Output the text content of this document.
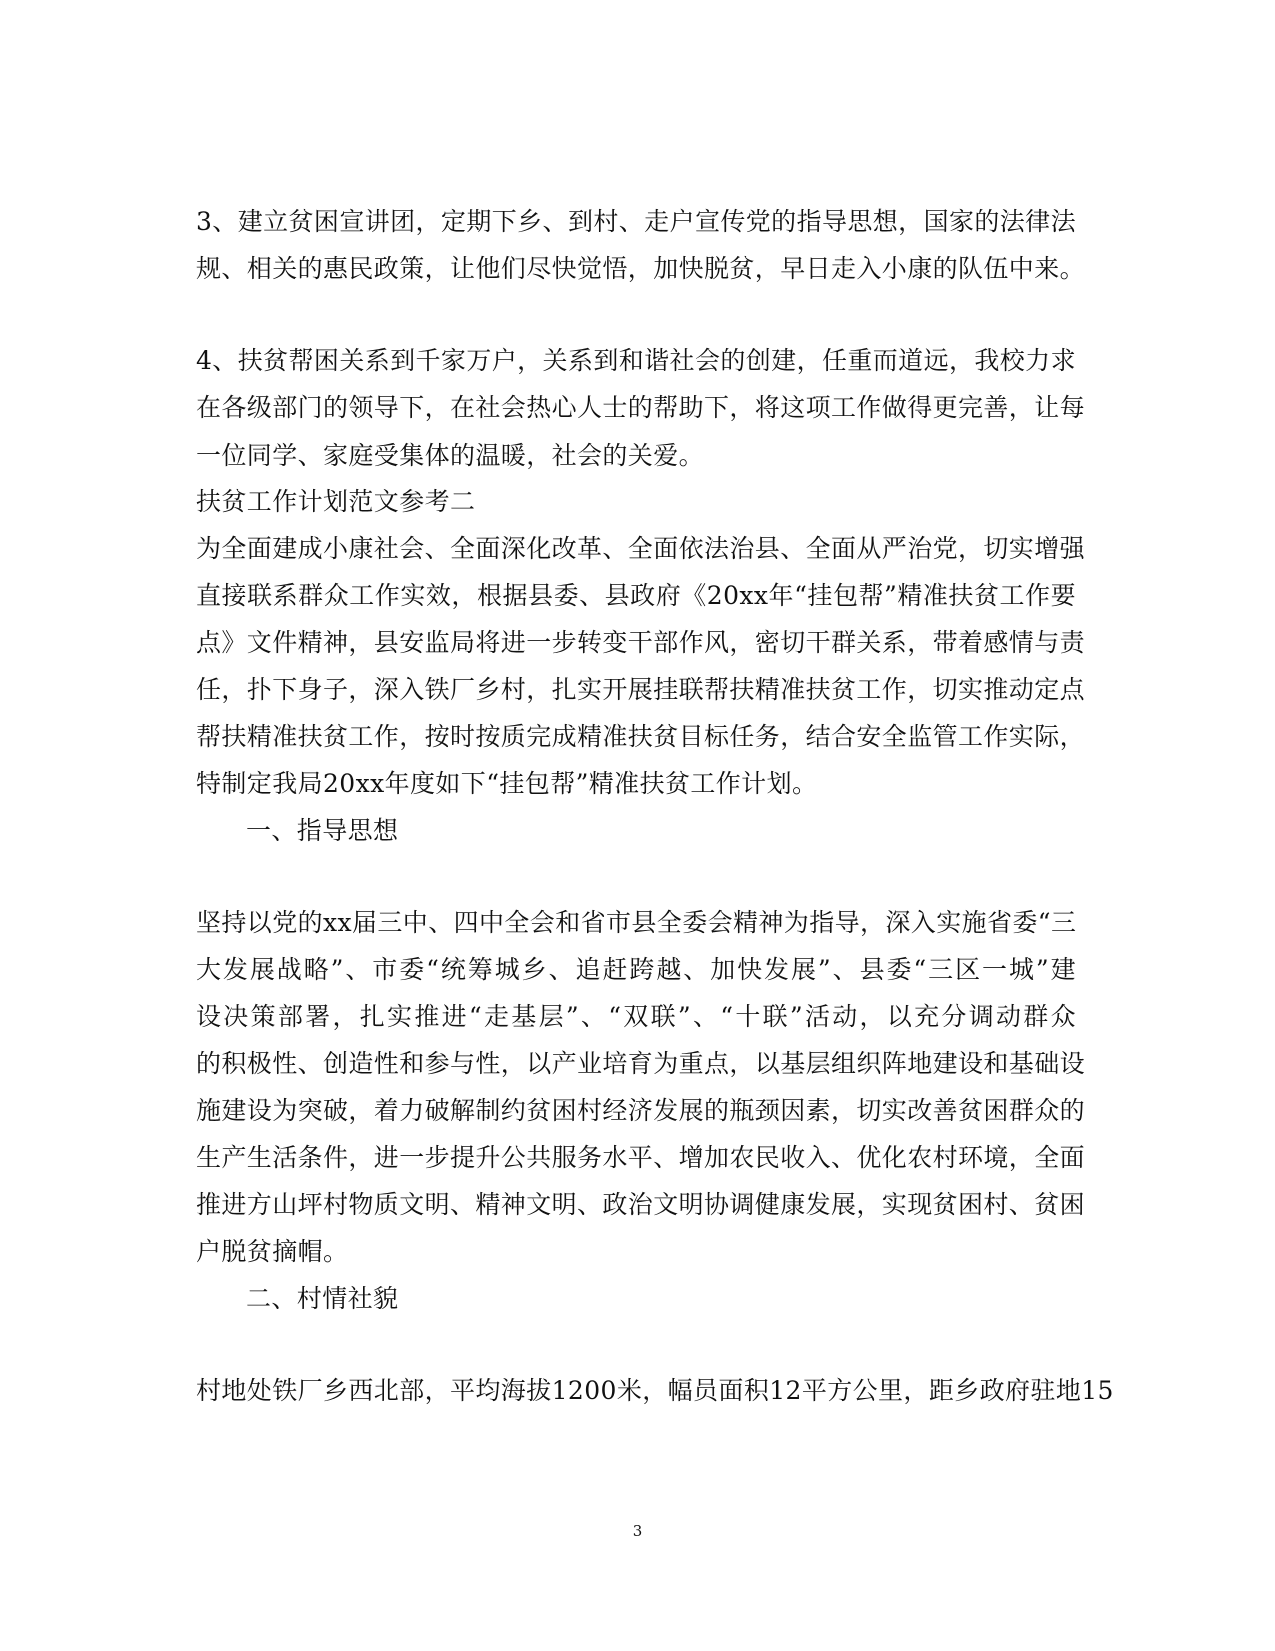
3、建立贫困宣讲团，定期下乡、到村、走户宣传党的指导思想，国家的法律法
规、相关的惠民政策，让他们尽快觉悟，加快脱贫，早日走入小康的队伍中来。
4、扶贫帮困关系到千家万户，关系到和谐社会的创建，任重而道远，我校力求
在各级部门的领导下，在社会热心人士的帮助下，将这项工作做得更完善，让每
一位同学、家庭受集体的温暖，社会的关爱。
扶贫工作计划范文参考二
为全面建成小康社会、全面深化改革、全面依法治县、全面从严治党，切实增强
直接联系群众工作实效，根据县委、县政府《20xx年“挂包帮”精准扶贫工作要
点》文件精神，县安监局将进一步转变干部作风，密切干群关系，带着感情与责
任，扑下身子，深入铁厂乡村，扎实开展挂联帮扶精准扶贫工作，切实推动定点
帮扶精准扶贫工作，按时按质完成精准扶贫目标任务，结合安全监管工作实际，
特制定我局20xx年度如下“挂包帮”精准扶贫工作计划。
一、指导思想
坚持以党的xx届三中、四中全会和省市县全委会精神为指导，深入实施省委“三
大发展战略”、市委“统筹城乡、追赶跨越、加快发展”、县委“三区一城”建
设决策部署，扎实推进“走基层”、“双联”、“十联”活动，以充分调动群众
的积极性、创造性和参与性，以产业培育为重点，以基层组织阵地建设和基础设
施建设为突破，着力破解制约贫困村经济发展的瓶颈因素，切实改善贫困群众的
生产生活条件，进一步提升公共服务水平、增加农民收入、优化农村环境，全面
推进方山坪村物质文明、精神文明、政治文明协调健康发展，实现贫困村、贫困
户脱贫摘帽。
二、村情社貌
村地处铁厂乡西北部，平均海拔1200米，幅员面积12平方公里，距乡政府驻地15
3
